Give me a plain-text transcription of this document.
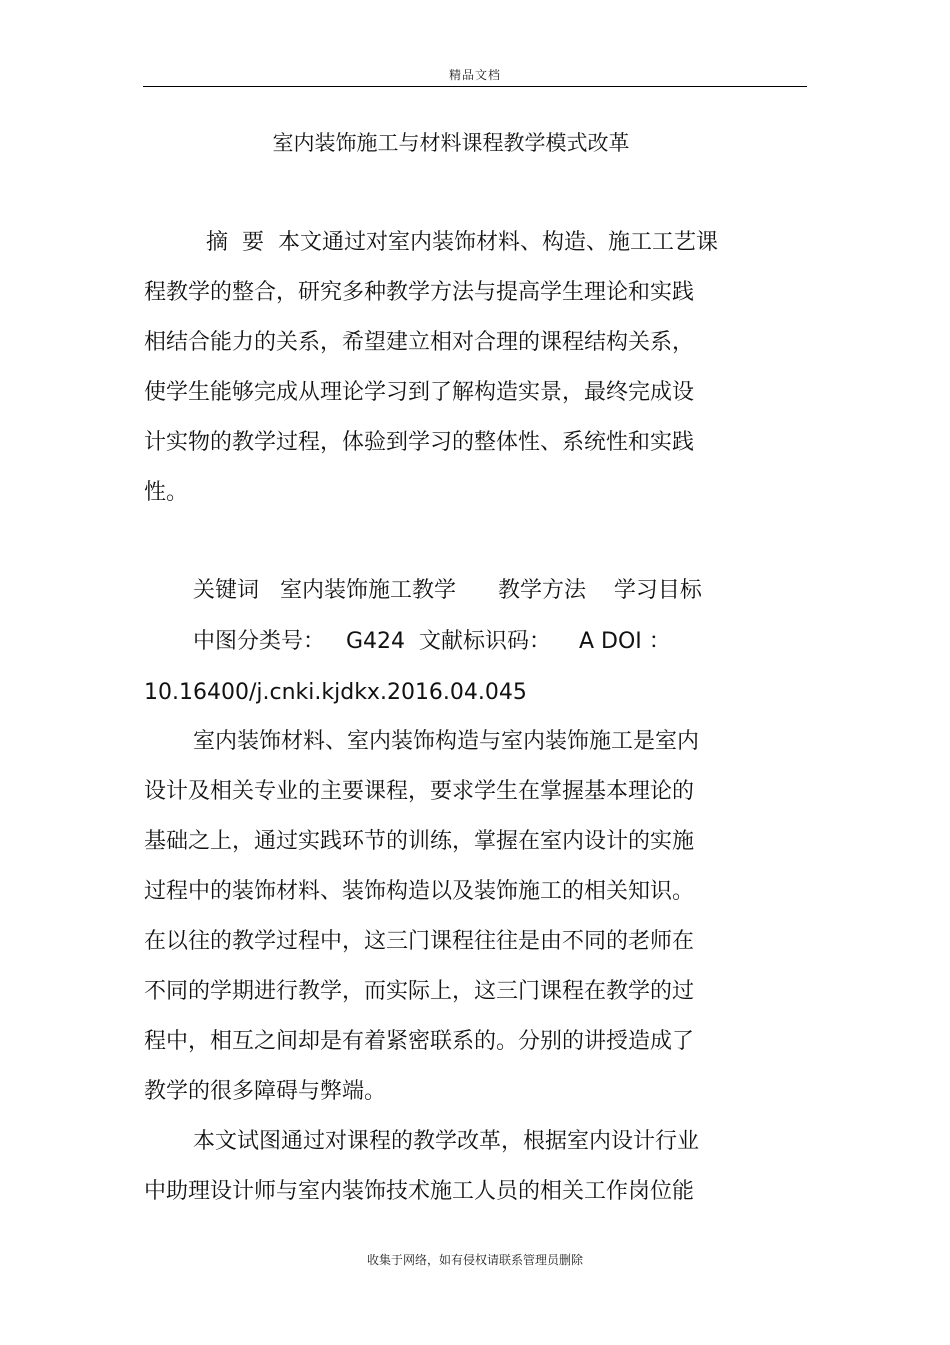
精品文档
室内装饰施工与材料课程教学模式改革
摘  要  本文通过对室内装饰材料、构造、施工工艺课
程教学的整合，研究多种教学方法与提高学生理论和实践
相结合能力的关系，希望建立相对合理的课程结构关系，
使学生能够完成从理论学习到了解构造实景，最终完成设
计实物的教学过程，体验到学习的整体性、系统性和实践
性。
关键词   室内装饰施工教学      教学方法    学习目标
中图分类号：   G424  文献标识码：    A DOI ：
10.16400/j.cnki.kjdkx.2016.04.045
室内装饰材料、室内装饰构造与室内装饰施工是室内
设计及相关专业的主要课程，要求学生在掌握基本理论的
基础之上，通过实践环节的训练，掌握在室内设计的实施
过程中的装饰材料、装饰构造以及装饰施工的相关知识。
在以往的教学过程中，这三门课程往往是由不同的老师在
不同的学期进行教学，而实际上，这三门课程在教学的过
程中，相互之间却是有着紧密联系的。分别的讲授造成了
教学的很多障碍与弊端。
本文试图通过对课程的教学改革，根据室内设计行业
中助理设计师与室内装饰技术施工人员的相关工作岗位能
收集于网络，如有侵权请联系管理员删除
